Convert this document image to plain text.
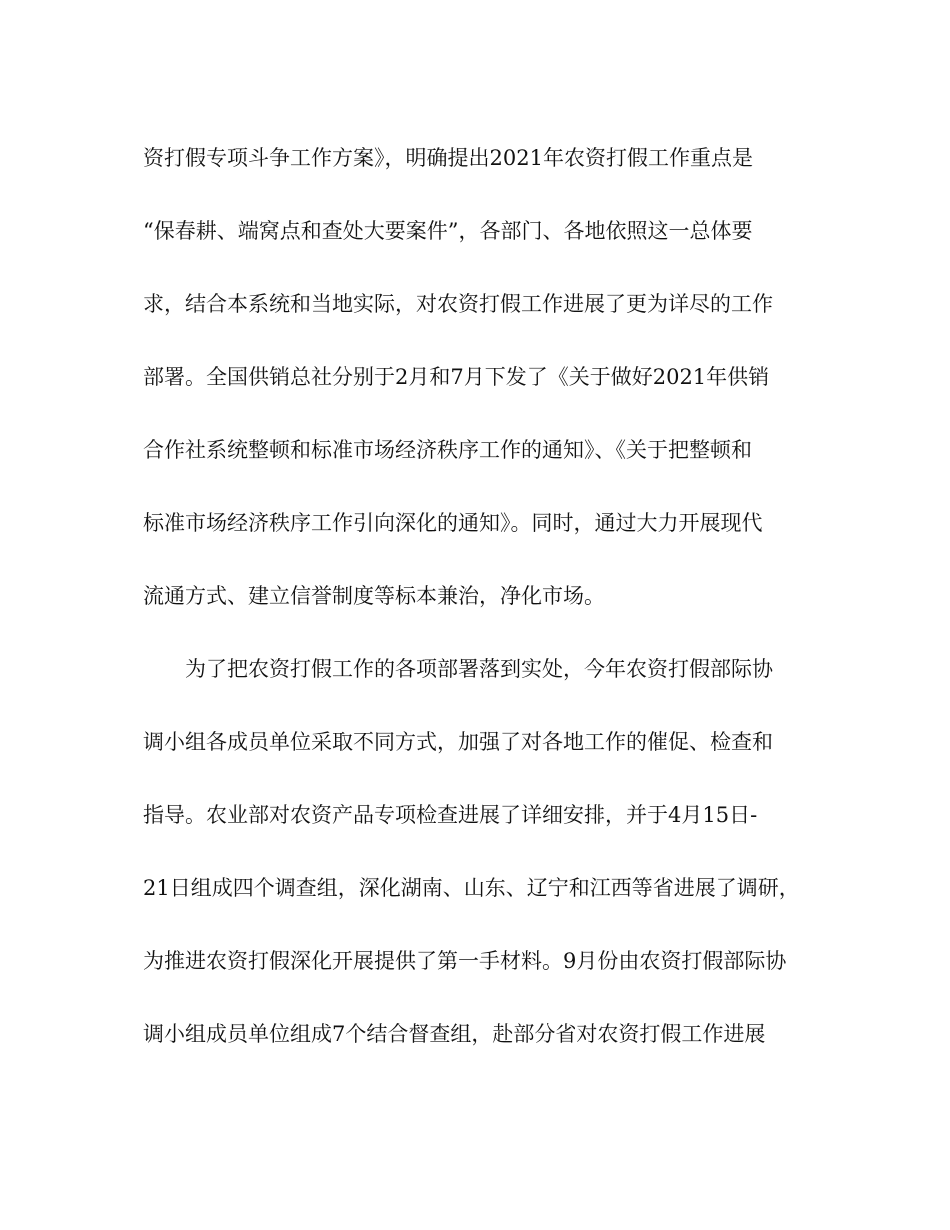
资打假专项斗争工作方案》，明确提出2021年农资打假工作重点是
“保春耕、端窝点和查处大要案件”，各部门、各地依照这一总体要
求，结合本系统和当地实际，对农资打假工作进展了更为详尽的工作
部署。全国供销总社分别于2月和7月下发了《关于做好2021年供销
合作社系统整顿和标准市场经济秩序工作的通知》、《关于把整顿和
标准市场经济秩序工作引向深化的通知》。同时，通过大力开展现代
流通方式、建立信誉制度等标本兼治，净化市场。
为了把农资打假工作的各项部署落到实处，今年农资打假部际协
调小组各成员单位采取不同方式，加强了对各地工作的催促、检查和
指导。农业部对农资产品专项检查进展了详细安排，并于4月15日-
21日组成四个调查组，深化湖南、山东、辽宁和江西等省进展了调研，
为推进农资打假深化开展提供了第一手材料。9月份由农资打假部际协
调小组成员单位组成7个结合督查组，赴部分省对农资打假工作进展
